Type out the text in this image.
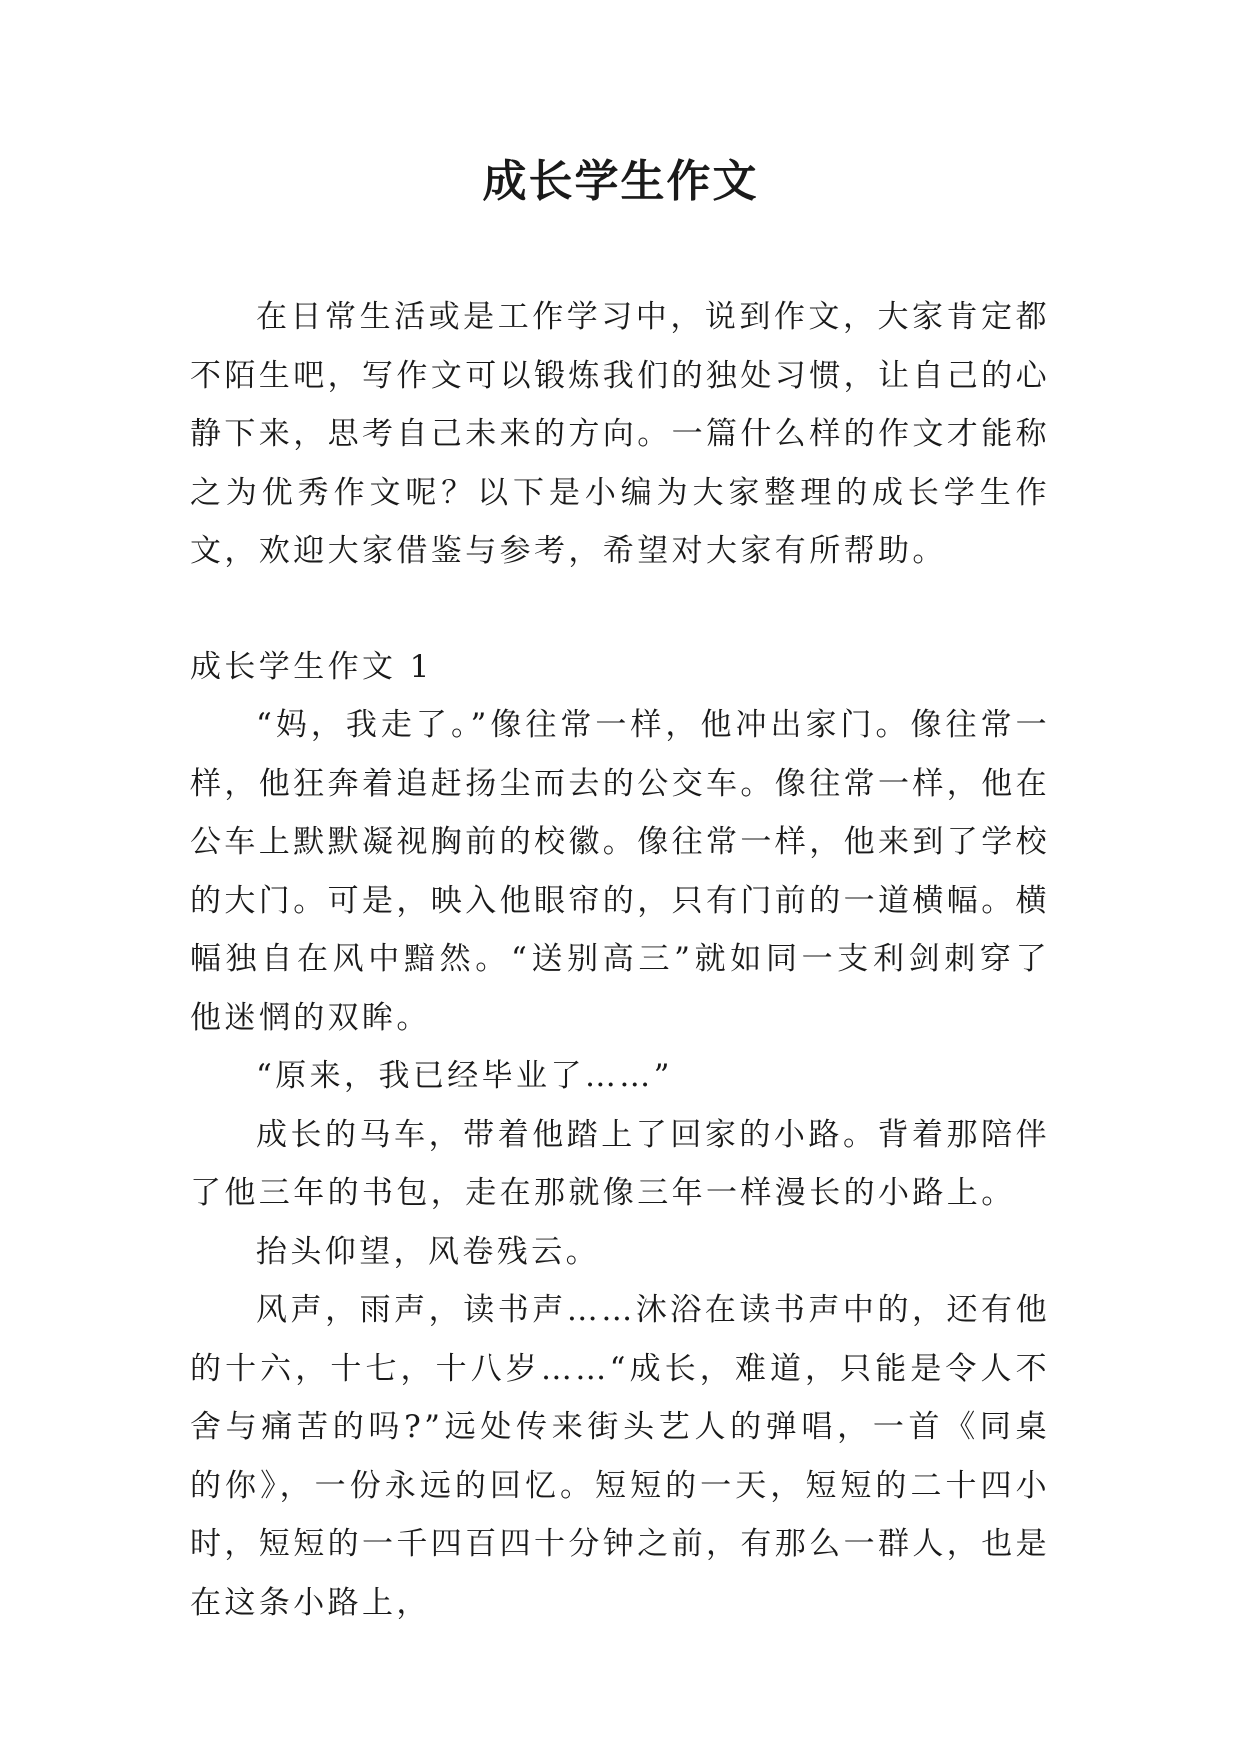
成长学生作文

在日常生活或是工作学习中，说到作文，大家肯定都不陌生吧，写作文可以锻炼我们的独处习惯，让自己的心静下来，思考自己未来的方向。一篇什么样的作文才能称之为优秀作文呢？以下是小编为大家整理的成长学生作文，欢迎大家借鉴与参考，希望对大家有所帮助。

成长学生作文 1

“妈，我走了。”像往常一样，他冲出家门。像往常一样，他狂奔着追赶扬尘而去的公交车。像往常一样，他在公车上默默凝视胸前的校徽。像往常一样，他来到了学校的大门。可是，映入他眼帘的，只有门前的一道横幅。横幅独自在风中黯然。“送别高三”就如同一支利剑刺穿了他迷惘的双眸。

“原来，我已经毕业了……”

成长的马车，带着他踏上了回家的小路。背着那陪伴了他三年的书包，走在那就像三年一样漫长的小路上。

抬头仰望，风卷残云。

风声，雨声，读书声……沐浴在读书声中的，还有他的十六，十七，十八岁……“成长，难道，只能是令人不舍与痛苦的吗?”远处传来街头艺人的弹唱，一首《同桌的你》，一份永远的回忆。短短的一天，短短的二十四小时，短短的一千四百四十分钟之前，有那么一群人，也是在这条小路上，
